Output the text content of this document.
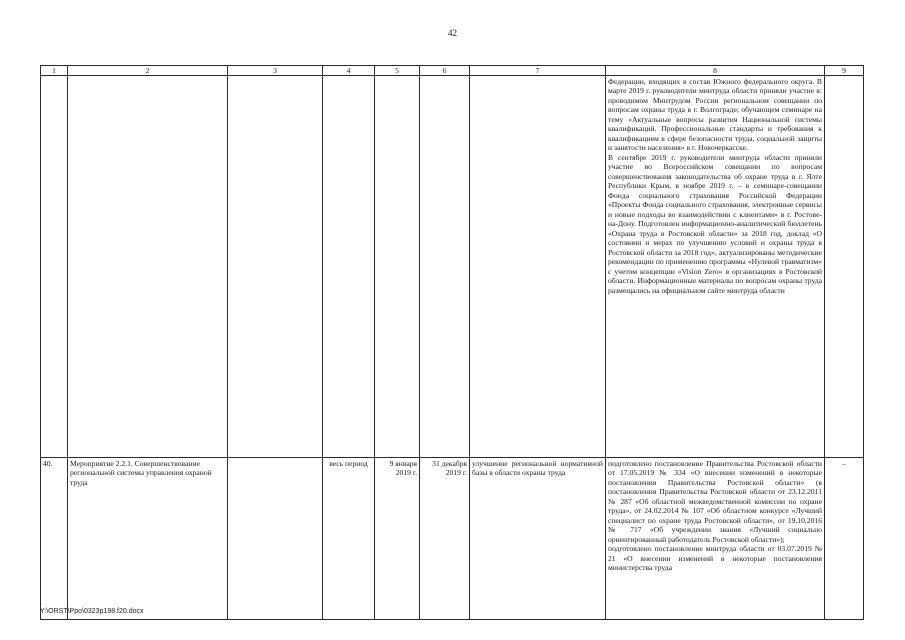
42
1	2	3	4	5	6	7	8	9

							Федерации, входящих в состав Южного федерального округа. В марте 2019 г. руководители минтруда области приняли участие в: проводимом Минтрудом России региональном совещании по вопросам охраны труда в г. Волгограде; обучающем семинаре на тему «Актуальные вопросы развития Национальной системы квалификаций. Профессиональные стандарты и требования к квалификациям в сфере безопасности труда, социальной защиты и занятости населения» в г. Новочеркасске.

В сентябре 2019 г. руководители минтруда области приняли участие во Всероссийском совещании по вопросам совершенствования законодательства об охране труда в г. Ялте Республики Крым, в ноябре 2019 г. – в семинаре-совещании Фонда социального страхования Российской Федерации «Проекты Фонда социального страхования, электронные сервисы и новые подходы во взаимодействии с клиентами» в г. Ростове-на-Дону. Подготовлен информационно-аналитический бюллетень «Охрана труда в Ростовской области» за 2018 год, доклад «О состоянии и мерах по улучшению условий и охраны труда в Ростовской области за 2018 год», актуализированы методические рекомендации по применению программы «Нулевой травматизм» с учетом концепции «Vision Zero» в организациях в Ростовской области. Информационные материалы по вопросам охраны труда размещались на официальном сайте минтруда области	

40.	Мероприятие 2.2.1. Совершенствование региональной системы управления охраной труда		весь период	9 января 2019 г.	31 декабря 2019 г.	улучшение региональной нормативной базы в области охраны труда	подготовлено постановление Правительства Ростовской области от 17.05.2019 № 334 «О внесении изменений в некоторые постановления Правительства Ростовской области» (в постановления Правительства Ростовской области от 23.12.2011 № 287 «Об областной межведомственной комиссии по охране труда», от 24.02.2014 № 107 «Об областном конкурсе «Лучший специалист по охране труда Ростовской области», от 19.10.2016 № 717 «Об учреждении звания «Лучший социально ориентированный работодатель Ростовской области»);

подготовлено постановление минтруда области от 03.07.2019 № 21 «О внесении изменений в некоторые постановления министерства труда	–
Y:\ORST\Ppo\0323p198.f20.docx
